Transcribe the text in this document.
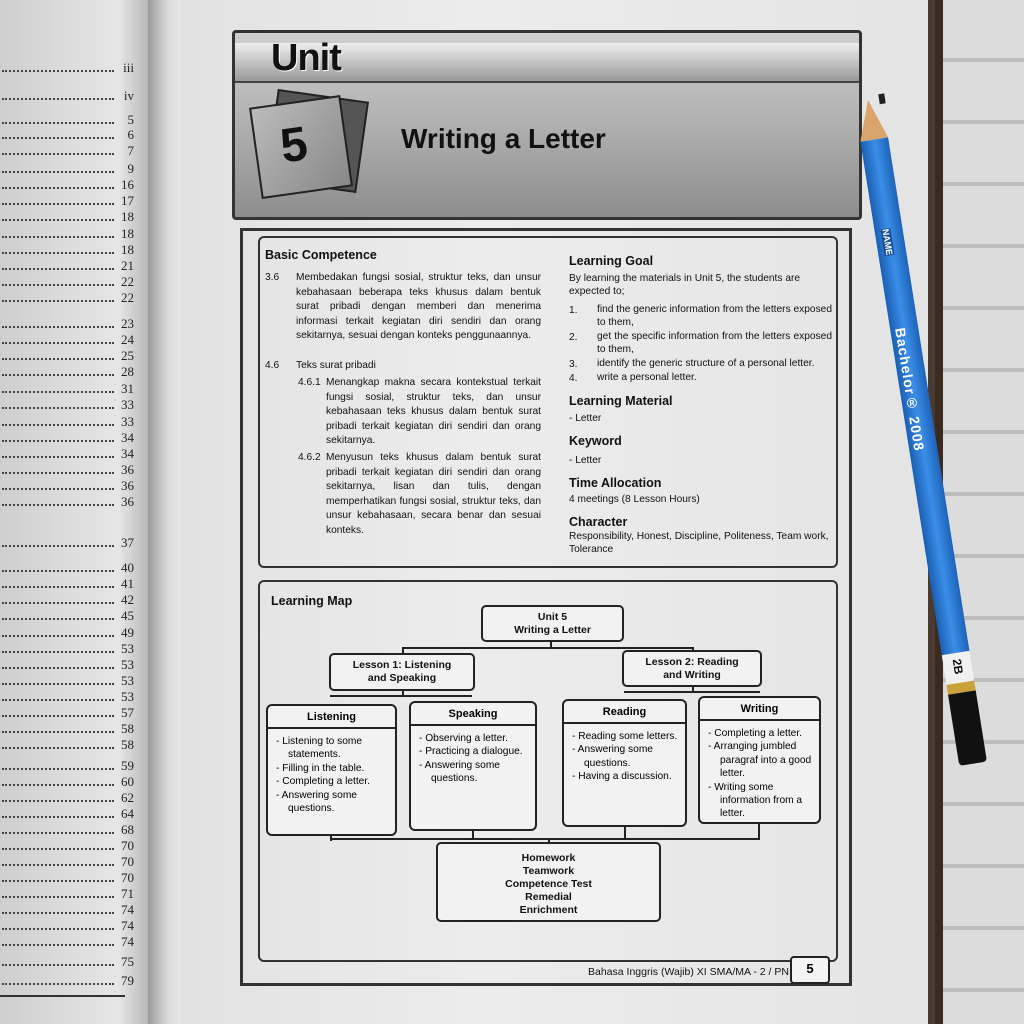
iii
iv
5
6
7
9
16
17
18
18
18
21
22
22
23
24
25
28
31
33
33
34
34
36
36
36
37
40
41
42
45
49
53
53
53
53
57
58
58
59
60
62
64
68
70
70
70
71
74
74
74
75
79
Unit
5	Writing a Letter
Basic Competence
3.6 Membedakan fungsi sosial, struktur teks, dan unsur kebahasaan beberapa teks khusus dalam bentuk surat pribadi dengan memberi dan menerima informasi terkait kegiatan diri sendiri dan orang sekitarnya, sesuai dengan konteks penggunaannya.
4.6 Teks surat pribadi
4.6.1 Menangkap makna secara kontekstual terkait fungsi sosial, struktur teks, dan unsur kebahasaan teks khusus dalam bentuk surat pribadi terkait kegiatan diri sendiri dan orang sekitarnya.
4.6.2 Menyusun teks khusus dalam bentuk surat pribadi terkait kegiatan diri sendiri dan orang sekitarnya, lisan dan tulis, dengan memperhatikan fungsi sosial, struktur teks, dan unsur kebahasaan, secara benar dan sesuai konteks.
Learning Goal
By learning the materials in Unit 5, the students are expected to;
Learning Material
- Letter
Keyword
- Letter
Time Allocation
4 meetings (8 Lesson Hours)
Character
Responsibility, Honest, Discipline, Politeness, Team work, Tolerance
Learning Map
Unit 5
Writing a Letter
Lesson 1: Listening
and Speaking
Lesson 2: Reading
and Writing
Listening
- Listening to some statements.
- Filling in the table.
- Completing a letter.
- Answering some questions.
Speaking
- Observing a letter.
- Practicing a dialogue.
- Answering some questions.
Reading
- Reading some letters.
- Answering some questions.
- Having a discussion.
Writing
- Completing a letter.
- Arranging jumbled paragraf into a good letter.
- Writing some information from a letter.
Homework
Teamwork
Competence Test
Remedial
Enrichment
Bahasa Inggris (Wajib) XI SMA/MA - 2 / PN	5
NAME
Bachelor® 2008
2B
1. find the generic information from the letters exposed to them,
2. get the specific information from the letters exposed to them,
3. identify the generic structure of a personal letter.
4. write a personal letter.
